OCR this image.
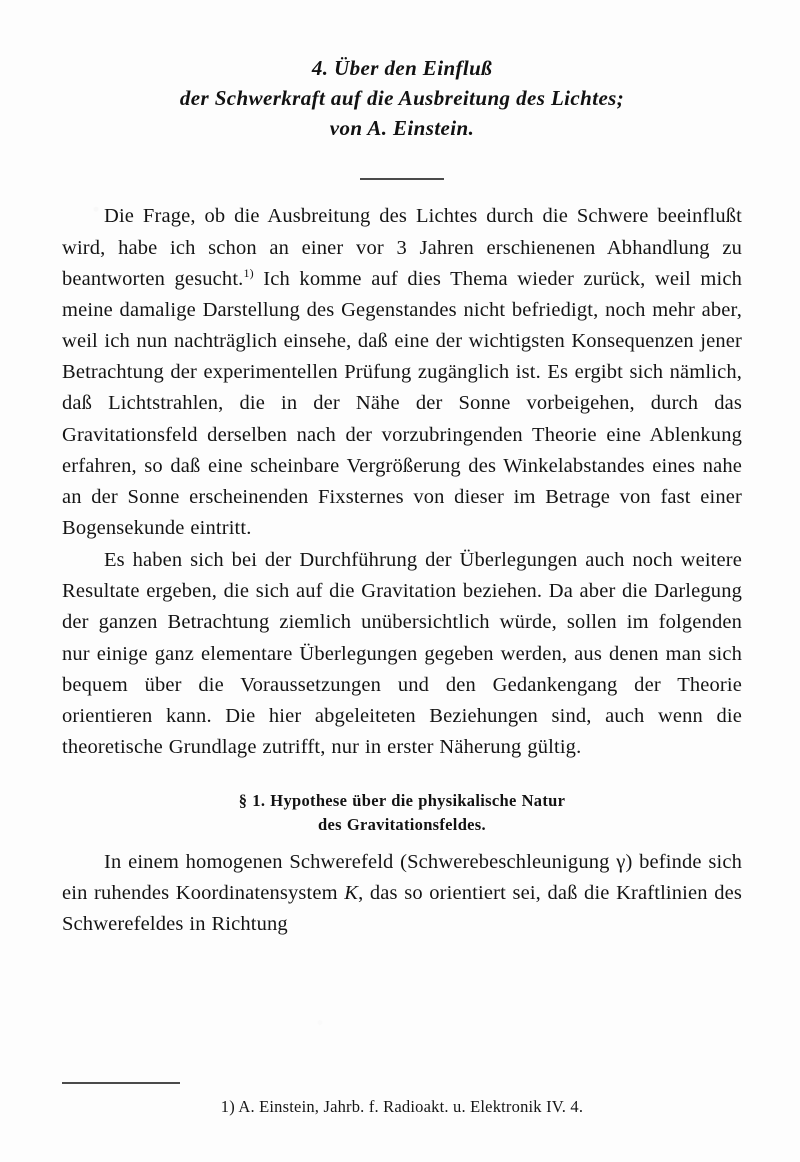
4. Über den Einfluß
der Schwerkraft auf die Ausbreitung des Lichtes;
von A. Einstein.

Die Frage, ob die Ausbreitung des Lichtes durch die Schwere beeinflußt wird, habe ich schon an einer vor 3 Jahren erschienenen Abhandlung zu beantworten gesucht.$^{1)}$ Ich komme auf dies Thema wieder zurück, weil mich meine damalige Darstellung des Gegenstandes nicht befriedigt, noch mehr aber, weil ich nun nachträglich einsehe, daß eine der wichtigsten Konsequenzen jener Betrachtung der experimentellen Prüfung zugänglich ist. Es ergibt sich nämlich, daß Lichtstrahlen, die in der Nähe der Sonne vorbeigehen, durch das Gravitationsfeld derselben nach der vorzubringenden Theorie eine Ablenkung erfahren, so daß eine scheinbare Vergrößerung des Winkelabstandes eines nahe an der Sonne erscheinenden Fixsternes von dieser im Betrage von fast einer Bogensekunde eintritt.

Es haben sich bei der Durchführung der Überlegungen auch noch weitere Resultate ergeben, die sich auf die Gravitation beziehen. Da aber die Darlegung der ganzen Betrachtung ziemlich unübersichtlich würde, sollen im folgenden nur einige ganz elementare Überlegungen gegeben werden, aus denen man sich bequem über die Voraussetzungen und den Gedankengang der Theorie orientieren kann. Die hier abgeleiteten Beziehungen sind, auch wenn die theoretische Grundlage zutrifft, nur in erster Näherung gültig.

§ 1. Hypothese über die physikalische Natur
des Gravitationsfeldes.

In einem homogenen Schwerefeld (Schwerebeschleunigung γ) befinde sich ein ruhendes Koordinatensystem K, das so orientiert sei, daß die Kraftlinien des Schwerefeldes in Richtung

1) A. Einstein, Jahrb. f. Radioakt. u. Elektronik IV. 4.
